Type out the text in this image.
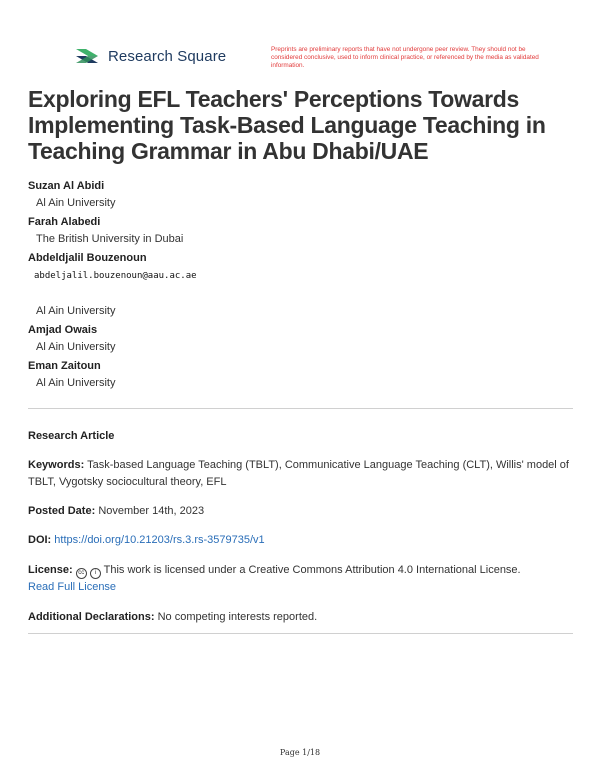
Research Square	Preprints are preliminary reports that have not undergone peer review. They should not be considered conclusive, used to inform clinical practice, or referenced by the media as validated information.
Exploring EFL Teachers' Perceptions Towards Implementing Task-Based Language Teaching in Teaching Grammar in Abu Dhabi/UAE
Suzan Al Abidi
Al Ain University
Farah Alabedi
The British University in Dubai
Abdeldjalil Bouzenoun
abdeljalil.bouzenoun@aau.ac.ae
Al Ain University
Amjad Owais
Al Ain University
Eman Zaitoun
Al Ain University
Research Article
Keywords: Task-based Language Teaching (TBLT), Communicative Language Teaching (CLT), Willis' model of TBLT, Vygotsky sociocultural theory, EFL
Posted Date: November 14th, 2023
DOI: https://doi.org/10.21203/rs.3.rs-3579735/v1
License: cc i This work is licensed under a Creative Commons Attribution 4.0 International License.
Read Full License
Additional Declarations: No competing interests reported.
Page 1/18
